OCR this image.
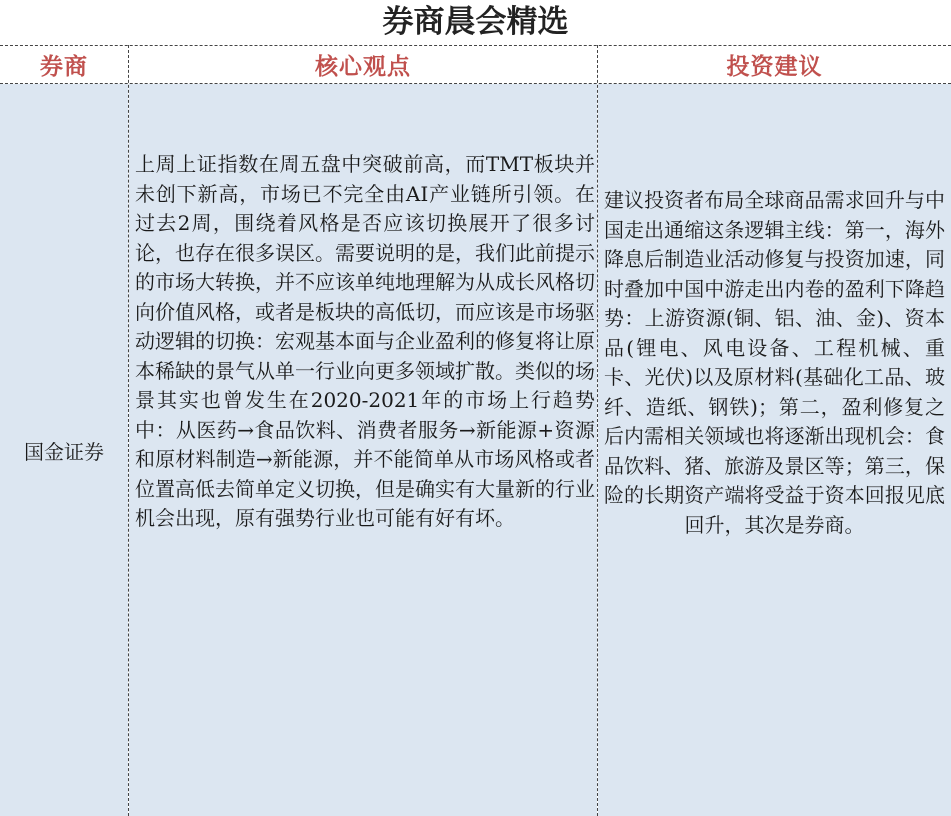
券商晨会精选
券商	核心观点	投资建议
国金证券
上周上证指数在周五盘中突破前高，而TMT板块并未创下新高，市场已不完全由AI产业链所引领。在过去2周，围绕着风格是否应该切换展开了很多讨论，也存在很多误区。需要说明的是，我们此前提示的市场大转换，并不应该单纯地理解为从成长风格切向价值风格，或者是板块的高低切，而应该是市场驱动逻辑的切换：宏观基本面与企业盈利的修复将让原本稀缺的景气从单一行业向更多领域扩散。类似的场景其实也曾发生在2020-2021年的市场上行趋势中：从医药→食品饮料、消费者服务→新能源+资源和原材料制造→新能源，并不能简单从市场风格或者位置高低去简单定义切换，但是确实有大量新的行业机会出现，原有强势行业也可能有好有坏。
建议投资者布局全球商品需求回升与中国走出通缩这条逻辑主线：第一，海外降息后制造业活动修复与投资加速，同时叠加中国中游走出内卷的盈利下降趋势：上游资源(铜、铝、油、金)、资本品(锂电、风电设备、工程机械、重卡、光伏)以及原材料(基础化工品、玻纤、造纸、钢铁)；第二，盈利修复之后内需相关领域也将逐渐出现机会：食品饮料、猪、旅游及景区等；第三，保险的长期资产端将受益于资本回报见底回升，其次是券商。
